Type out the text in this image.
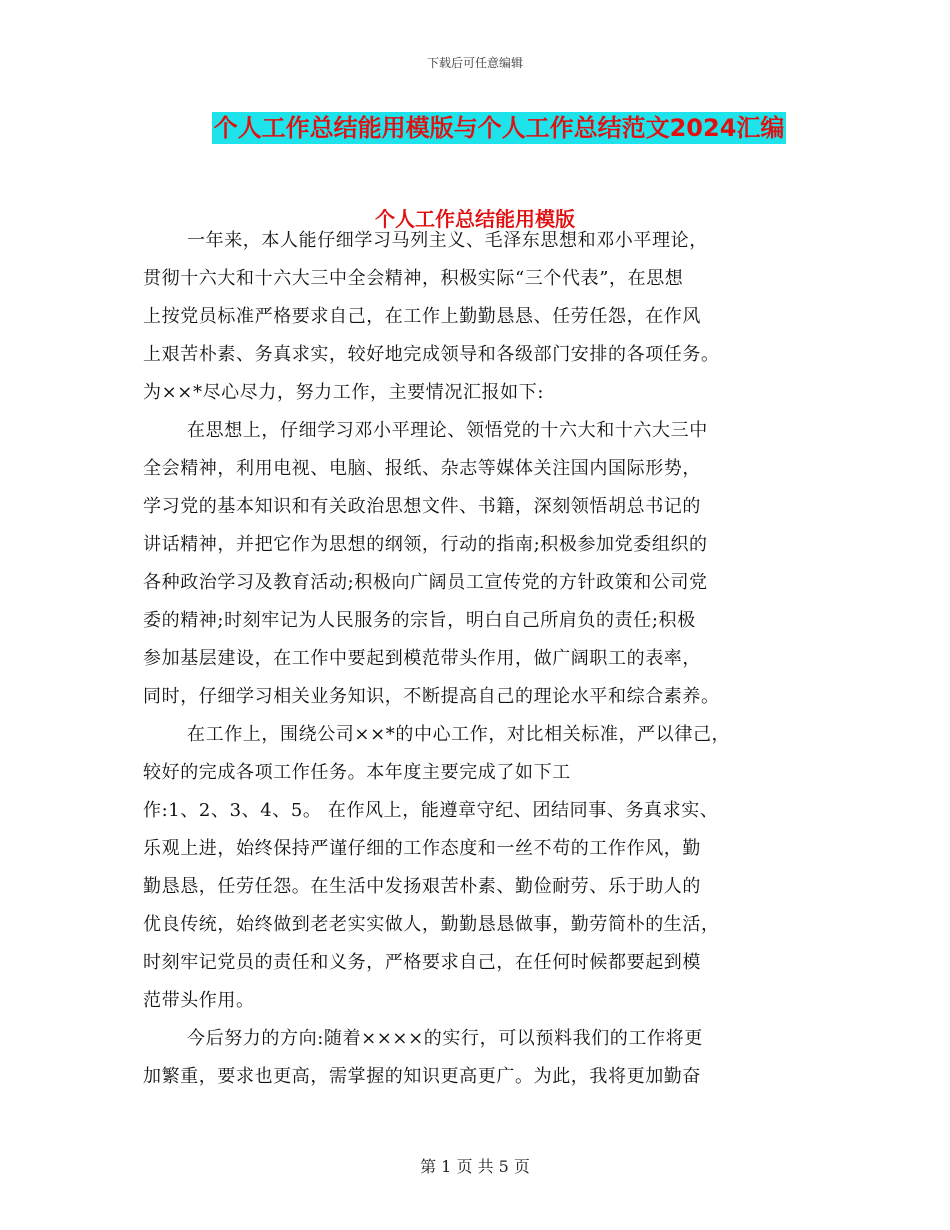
下载后可任意编辑
个人工作总结能用模版与个人工作总结范文2024汇编
个人工作总结能用模版
一年来，本人能仔细学习马列主义、毛泽东思想和邓小平理论，
贯彻十六大和十六大三中全会精神，积极实际“三个代表”，在思想
上按党员标准严格要求自己，在工作上勤勤恳恳、任劳任怨，在作风
上艰苦朴素、务真求实，较好地完成领导和各级部门安排的各项任务。
为××*尽心尽力，努力工作，主要情况汇报如下:
在思想上，仔细学习邓小平理论、领悟党的十六大和十六大三中
全会精神，利用电视、电脑、报纸、杂志等媒体关注国内国际形势，
学习党的基本知识和有关政治思想文件、书籍，深刻领悟胡总书记的
讲话精神，并把它作为思想的纲领，行动的指南;积极参加党委组织的
各种政治学习及教育活动;积极向广阔员工宣传党的方针政策和公司党
委的精神;时刻牢记为人民服务的宗旨，明白自己所肩负的责任;积极
参加基层建设，在工作中要起到模范带头作用，做广阔职工的表率，
同时，仔细学习相关业务知识，不断提高自己的理论水平和综合素养。
在工作上，围绕公司××*的中心工作，对比相关标准，严以律己，
较好的完成各项工作任务。本年度主要完成了如下工
作:1、2、3、4、5。 在作风上，能遵章守纪、团结同事、务真求实、
乐观上进，始终保持严谨仔细的工作态度和一丝不苟的工作作风，勤
勤恳恳，任劳任怨。在生活中发扬艰苦朴素、勤俭耐劳、乐于助人的
优良传统，始终做到老老实实做人，勤勤恳恳做事，勤劳简朴的生活，
时刻牢记党员的责任和义务，严格要求自己，在任何时候都要起到模
范带头作用。
今后努力的方向:随着××××的实行，可以预料我们的工作将更
加繁重，要求也更高，需掌握的知识更高更广。为此，我将更加勤奋
第 1 页 共 5 页
